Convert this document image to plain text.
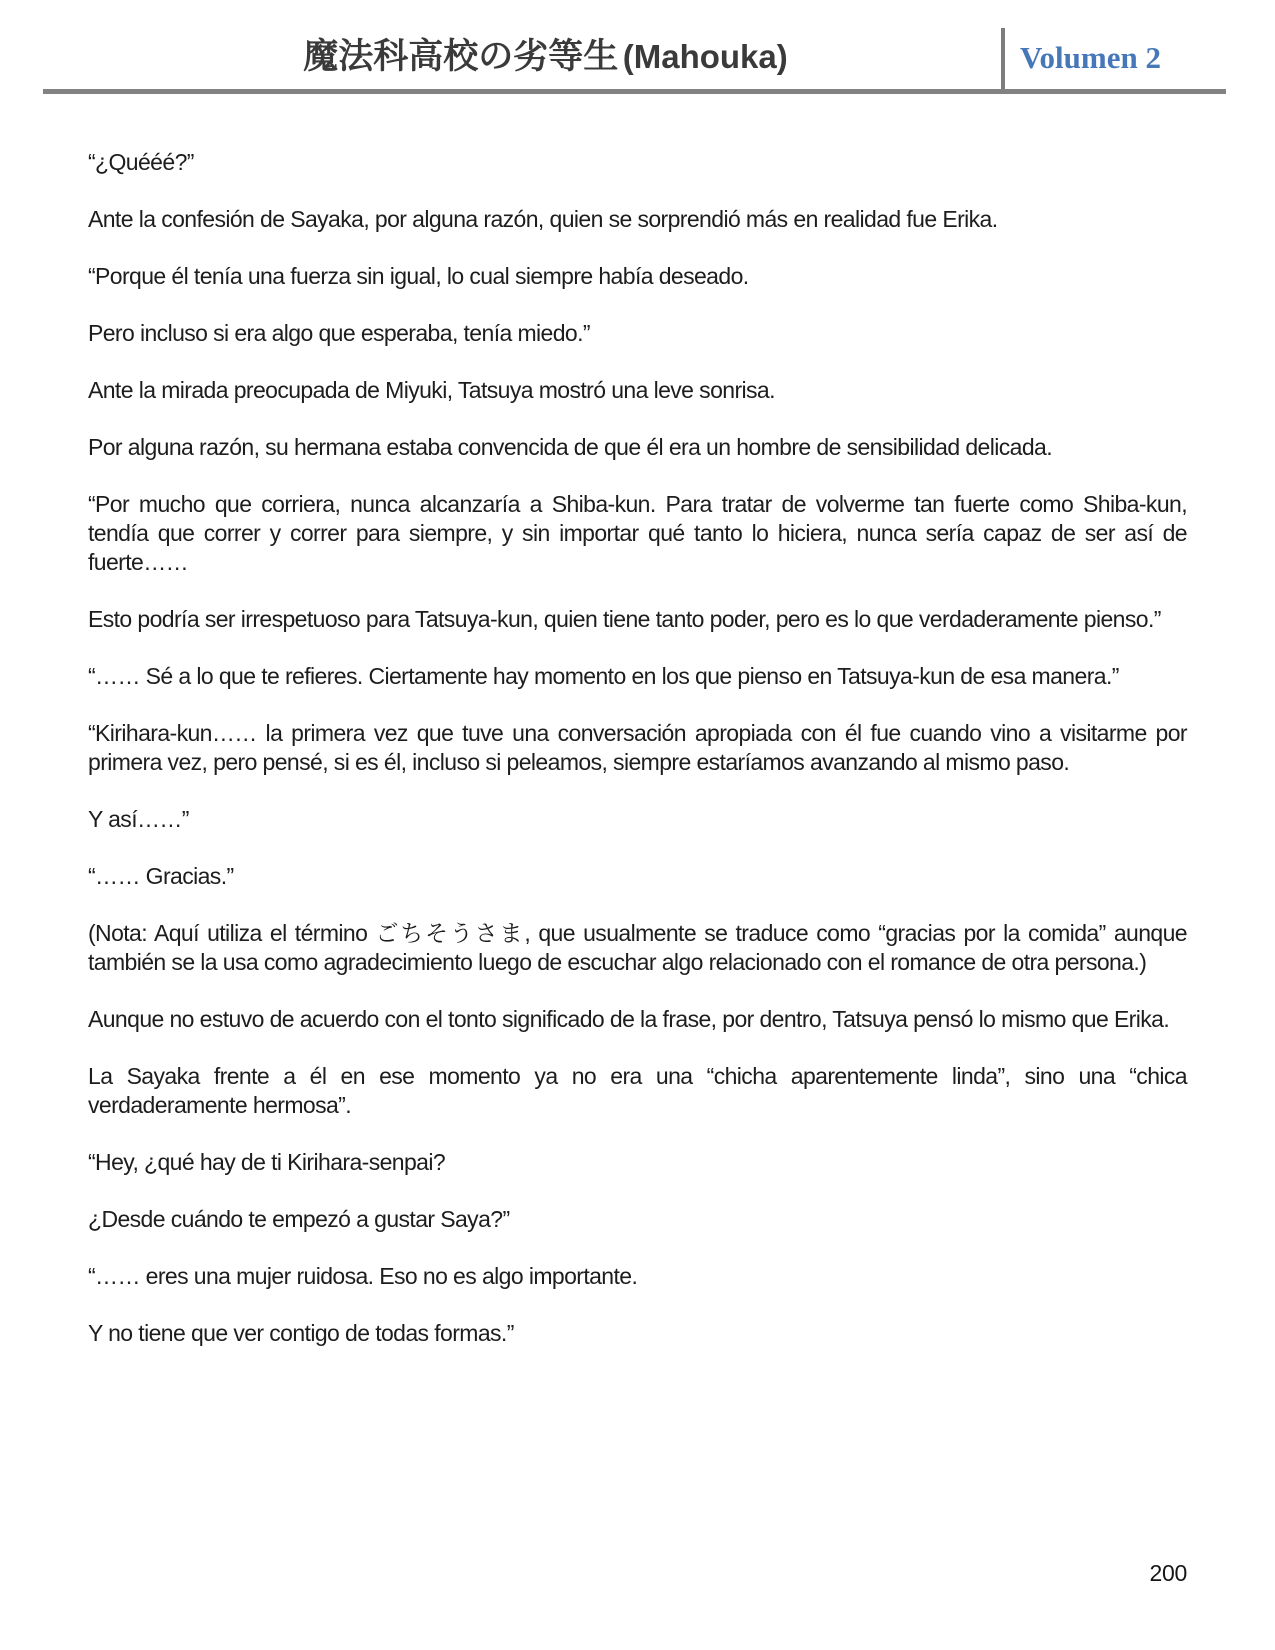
魔法科高校の劣等生 (Mahouka)	Volumen 2

“¿Quééé?”

Ante la confesión de Sayaka, por alguna razón, quien se sorprendió más en realidad fue Erika.

“Porque él tenía una fuerza sin igual, lo cual siempre había deseado.

Pero incluso si era algo que esperaba, tenía miedo.”

Ante la mirada preocupada de Miyuki, Tatsuya mostró una leve sonrisa.

Por alguna razón, su hermana estaba convencida de que él era un hombre de sensibilidad delicada.

“Por mucho que corriera, nunca alcanzaría a Shiba-kun. Para tratar de volverme tan fuerte como Shiba-kun, tendía que correr y correr para siempre, y sin importar qué tanto lo hiciera, nunca sería capaz de ser así de fuerte……

Esto podría ser irrespetuoso para Tatsuya-kun, quien tiene tanto poder, pero es lo que verdaderamente pienso.”

“…… Sé a lo que te refieres. Ciertamente hay momento en los que pienso en Tatsuya-kun de esa manera.”

“Kirihara-kun…… la primera vez que tuve una conversación apropiada con él fue cuando vino a visitarme por primera vez, pero pensé, si es él, incluso si peleamos, siempre estaríamos avanzando al mismo paso.

Y así……”

“…… Gracias.”

(Nota: Aquí utiliza el término ごちそうさま, que usualmente se traduce como “gracias por la comida” aunque también se la usa como agradecimiento luego de escuchar algo relacionado con el romance de otra persona.)

Aunque no estuvo de acuerdo con el tonto significado de la frase, por dentro, Tatsuya pensó lo mismo que Erika.

La Sayaka frente a él en ese momento ya no era una “chicha aparentemente linda”, sino una “chica verdaderamente hermosa”.

“Hey, ¿qué hay de ti Kirihara-senpai?

¿Desde cuándo te empezó a gustar Saya?”

“…… eres una mujer ruidosa. Eso no es algo importante.

Y no tiene que ver contigo de todas formas.”

200
